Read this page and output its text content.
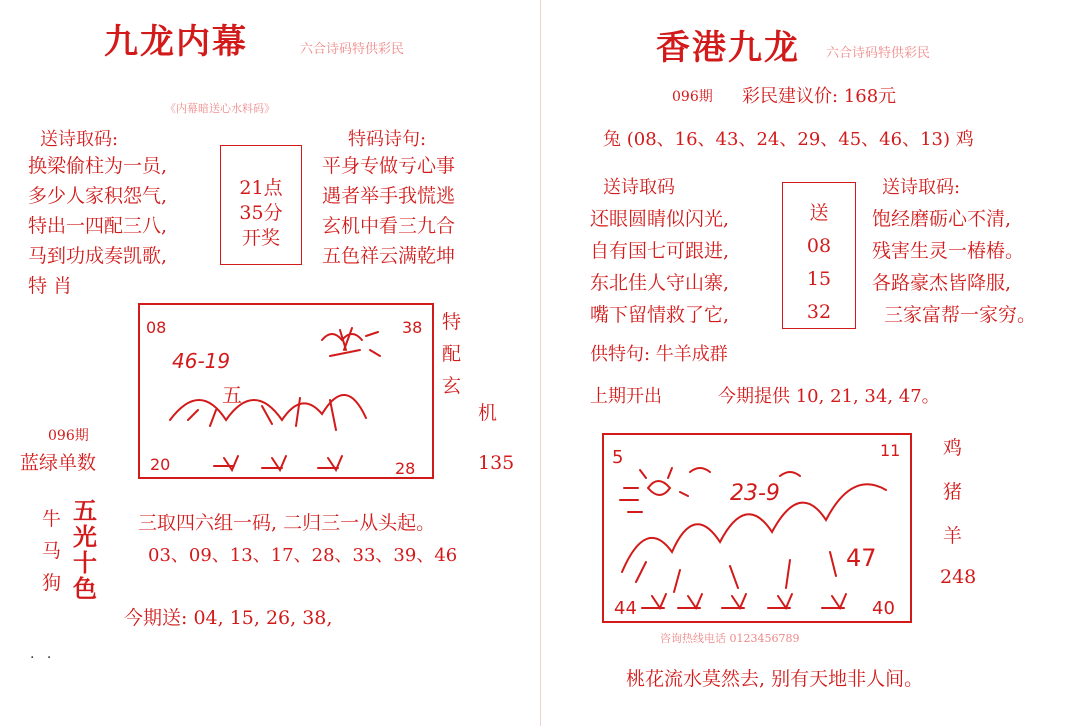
九龙内幕	六合诗码特供彩民
《内幕暗送心水料码》
送诗取码:
换梁偷柱为一员,
多少人家积怨气,
特出一四配三八,
马到功成奏凯歌,
特 肖
21点
35分
开奖
特码诗句:
平身专做亏心事
遇者举手我慌逃
玄机中看三九合
五色祥云满乾坤
08	38
46-19
五
20	28
特
配
玄
机
135
096期
蓝绿单数
牛
马
狗
五
光
十
色
三取四六组一码, 二归三一从头起。
03、09、13、17、28、33、39、46
今期送: 04, 15, 26, 38,
. .
香港九龙 六合诗码特供彩民
096期 彩民建议价: 168元
兔 (08、16、43、24、29、45、46、13) 鸡
送诗取码
还眼圆睛似闪光,
自有国七可跟进,
东北佳人守山寨,
嘴下留情救了它,
送
08
15
32
送诗取码:
饱经磨砺心不清,
残害生灵一椿椿。
各路豪杰皆降服,
三家富帮一家穷。
供特句: 牛羊成群
上期开出	今期提供 10, 21, 34, 47。
5	11
23-9
47
44	40
鸡
猪
羊
248
咨询热线电话 0123456789
桃花流水莫然去, 别有天地非人间。
